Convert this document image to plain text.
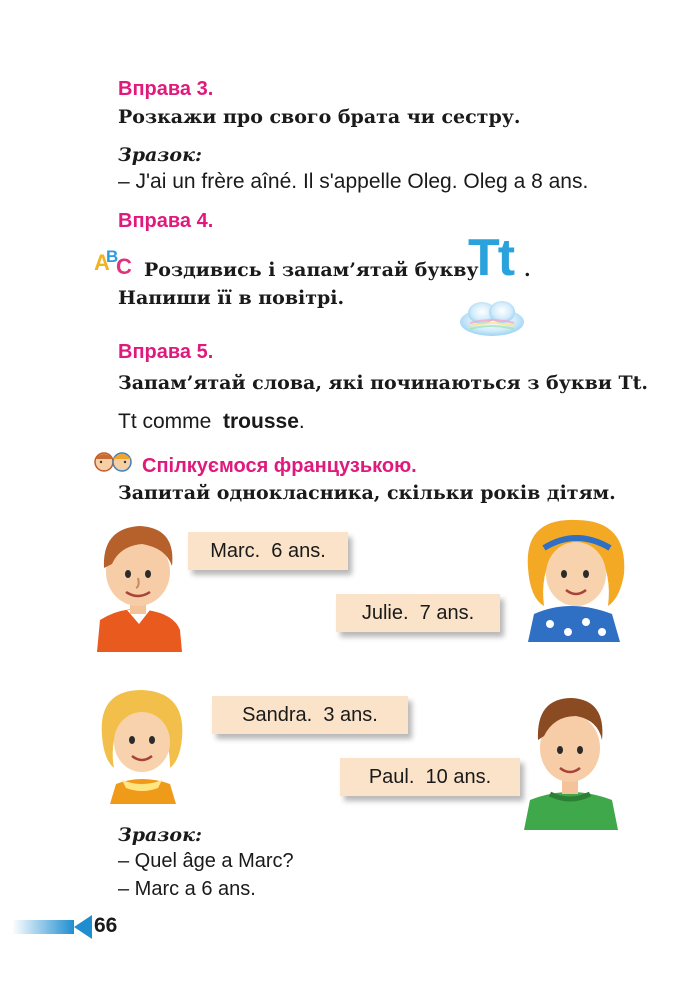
Вправа 3.
Розкажи про свого брата чи сестру.
Зразок:
– J'ai un frère aîné. Il s'appelle Oleg. Oleg a 8 ans.
Вправа 4.
A
B
C Роздивись і запам’ятай букву
Tt .
Напиши її в повітрі.
Вправа 5.
Запам’ятай слова, які починаються з букви Tt.
Tt comme trousse.
Спілкуємося французькою.
Запитай однокласника, скільки років дітям.
Marc.  6 ans.
Julie.  7 ans.
Sandra.  3 ans.
Paul.  10 ans.
Зразок:
– Quel âge a Marc?
– Marc a 6 ans.
66
